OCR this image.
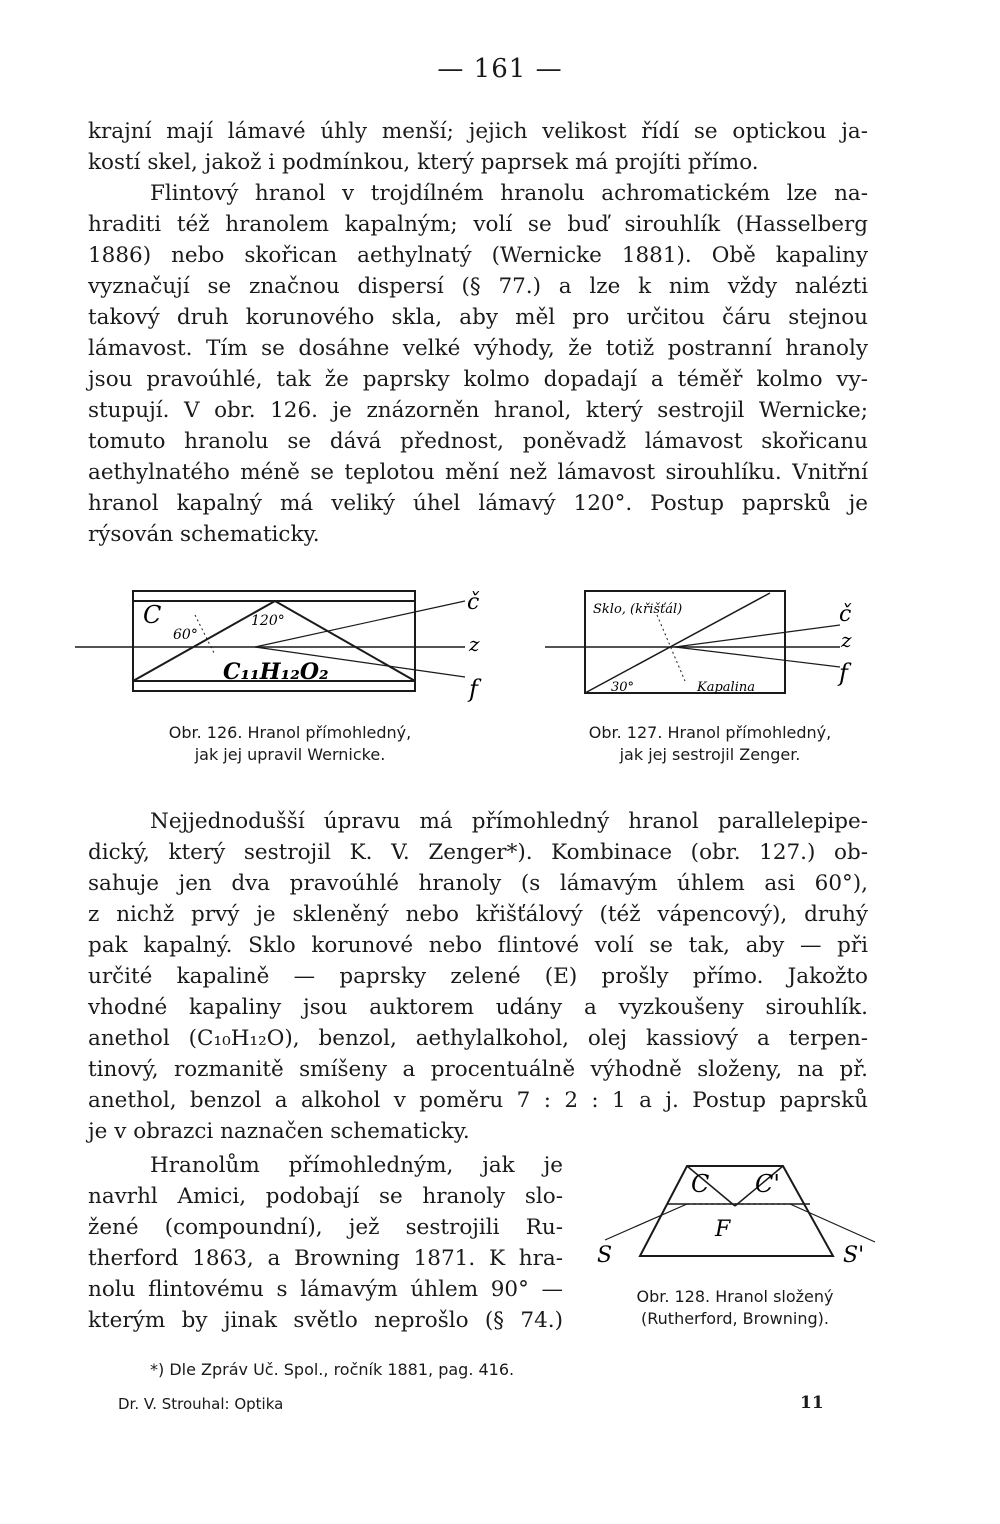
— 161 —
krajní mají lámavé úhly menší; jejich velikost řídí se optickou ja-
kostí skel, jakož i podmínkou, který paprsek má projíti přímo.
Flintový hranol v trojdílném hranolu achromatickém lze na-
hraditi též hranolem kapalným; volí se buď sirouhlík (Hasselberg
1886) nebo skořican aethylnatý (Wernicke 1881). Obě kapaliny
vyznačují se značnou dispersí (§ 77.) a lze k nim vždy nalézti
takový druh korunového skla, aby měl pro určitou čáru stejnou
lámavost. Tím se dosáhne velké výhody, že totiž postranní hranoly
jsou pravoúhlé, tak že paprsky kolmo dopadají a téměř kolmo vy-
stupují. V obr. 126. je znázorněn hranol, který sestrojil Wernicke;
tomuto hranolu se dává přednost, poněvadž lámavost skořicanu
aethylnatého méně se teplotou mění než lámavost sirouhlíku. Vnitřní
hranol kapalný má veliký úhel lámavý 120°. Postup paprsků je
rýsován schematicky.
C
60°
120°
C₁₁H₁₂O₂
č
z
f
Obr. 126. Hranol přímohledný,
jak jej upravil Wernicke.
Sklo, (křišťál)
30°	Kapalina
č
z
f
Obr. 127. Hranol přímohledný,
jak jej sestrojil Zenger.
Nejjednodušší úpravu má přímohledný hranol parallelepipe-
dický, který sestrojil K. V. Zenger*). Kombinace (obr. 127.) ob-
sahuje jen dva pravoúhlé hranoly (s lámavým úhlem asi 60°),
z nichž prvý je skleněný nebo křišťálový (též vápencový), druhý
pak kapalný. Sklo korunové nebo flintové volí se tak, aby — při
určité kapalině — paprsky zelené (E) prošly přímo. Jakožto
vhodné kapaliny jsou auktorem udány a vyzkoušeny sirouhlík.
anethol (C₁₀H₁₂O), benzol, aethylalkohol, olej kassiový a terpen-
tinový, rozmanitě smíšeny a procentuálně výhodně složeny, na př.
anethol, benzol a alkohol v poměru 7 : 2 : 1 a j. Postup paprsků
je v obrazci naznačen schematicky.
Hranolům přímohledným, jak je
navrhl Amici, podobají se hranoly slo-
žené (compoundní), jež sestrojili Ru-
therford 1863, a Browning 1871. K hra-
nolu flintovému s lámavým úhlem 90° —
kterým by jinak světlo neprošlo (§ 74.)
C C'
F
S	S'
Obr. 128. Hranol složený
(Rutherford, Browning).
*) Dle Zpráv Uč. Spol., ročník 1881, pag. 416.
Dr. V. Strouhal: Optika	11
